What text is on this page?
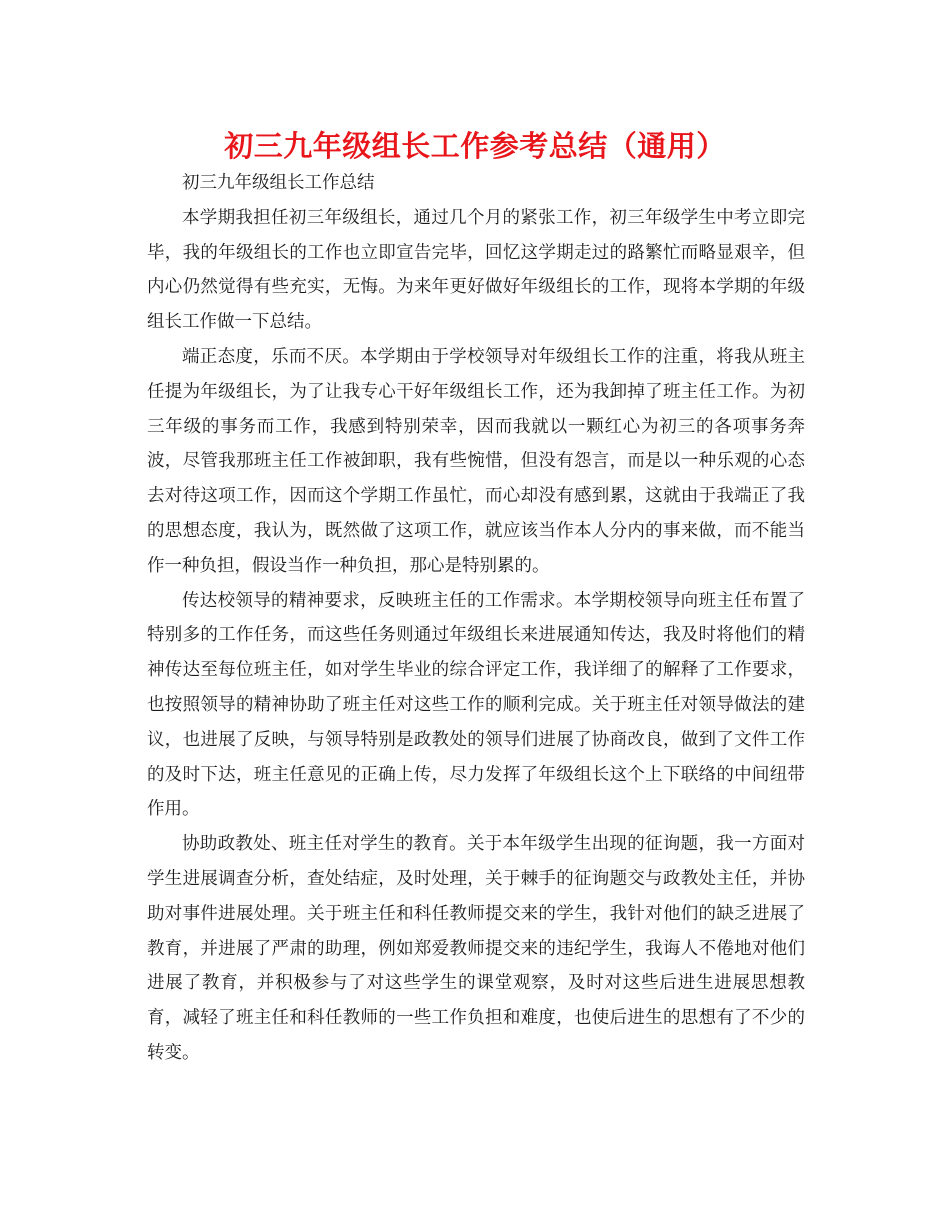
初三九年级组长工作参考总结（通用）

初三九年级组长工作总结

本学期我担任初三年级组长，通过几个月的紧张工作，初三年级学生中考立即完毕，我的年级组长的工作也立即宣告完毕，回忆这学期走过的路繁忙而略显艰辛，但内心仍然觉得有些充实，无悔。为来年更好做好年级组长的工作，现将本学期的年级组长工作做一下总结。

端正态度，乐而不厌。本学期由于学校领导对年级组长工作的注重，将我从班主任提为年级组长，为了让我专心干好年级组长工作，还为我卸掉了班主任工作。为初三年级的事务而工作，我感到特别荣幸，因而我就以一颗红心为初三的各项事务奔波，尽管我那班主任工作被卸职，我有些惋惜，但没有怨言，而是以一种乐观的心态去对待这项工作，因而这个学期工作虽忙，而心却没有感到累，这就由于我端正了我的思想态度，我认为，既然做了这项工作，就应该当作本人分内的事来做，而不能当作一种负担，假设当作一种负担，那心是特别累的。

传达校领导的精神要求，反映班主任的工作需求。本学期校领导向班主任布置了特别多的工作任务，而这些任务则通过年级组长来进展通知传达，我及时将他们的精神传达至每位班主任，如对学生毕业的综合评定工作，我详细了的解释了工作要求，也按照领导的精神协助了班主任对这些工作的顺利完成。关于班主任对领导做法的建议，也进展了反映，与领导特别是政教处的领导们进展了协商改良，做到了文件工作的及时下达，班主任意见的正确上传，尽力发挥了年级组长这个上下联络的中间纽带作用。

协助政教处、班主任对学生的教育。关于本年级学生出现的征询题，我一方面对学生进展调查分析，查处结症，及时处理，关于棘手的征询题交与政教处主任，并协助对事件进展处理。关于班主任和科任教师提交来的学生，我针对他们的缺乏进展了教育，并进展了严肃的助理，例如郑爱教师提交来的违纪学生，我诲人不倦地对他们进展了教育，并积极参与了对这些学生的课堂观察，及时对这些后进生进展思想教育，减轻了班主任和科任教师的一些工作负担和难度，也使后进生的思想有了不少的转变。
